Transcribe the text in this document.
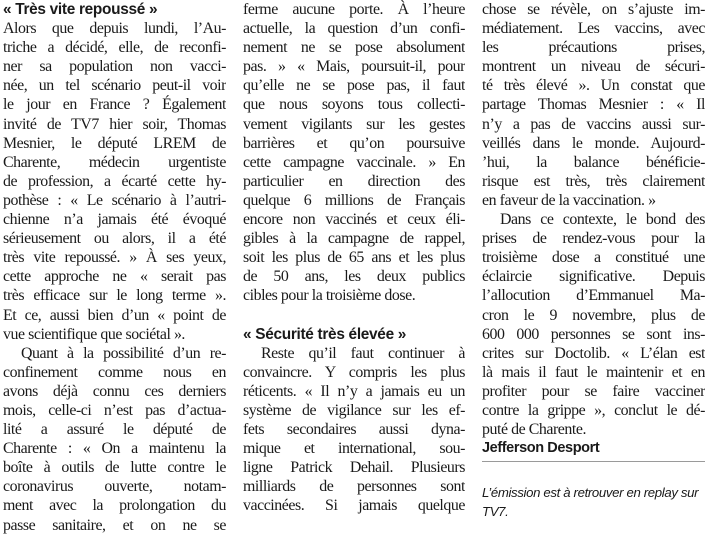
« Très vite repoussé »
Alors que depuis lundi, l’Au-
triche a décidé, elle, de reconfi-
ner sa population non vacci-
née, un tel scénario peut-il voir
le jour en France ? Également
invité de TV7 hier soir, Thomas
Mesnier, le député LREM de
Charente, médecin urgentiste
de profession, a écarté cette hy-
pothèse : « Le scénario à l’autri-
chienne n’a jamais été évoqué
sérieusement ou alors, il a été
très vite repoussé. » À ses yeux,
cette approche ne « serait pas
très efficace sur le long terme ».
Et ce, aussi bien d’un « point de
vue scientifique que sociétal ».
Quant à la possibilité d’un re-
confinement comme nous en
avons déjà connu ces derniers
mois, celle-ci n’est pas d’actua-
lité a assuré le député de
Charente : « On a maintenu la
boîte à outils de lutte contre le
coronavirus ouverte, notam-
ment avec la prolongation du
passe sanitaire, et on ne se
ferme aucune porte. À l’heure
actuelle, la question d’un confi-
nement ne se pose absolument
pas. » « Mais, poursuit-il, pour
qu’elle ne se pose pas, il faut
que nous soyons tous collecti-
vement vigilants sur les gestes
barrières et qu’on poursuive
cette campagne vaccinale. » En
particulier en direction des
quelque 6 millions de Français
encore non vaccinés et ceux éli-
gibles à la campagne de rappel,
soit les plus de 65 ans et les plus
de 50 ans, les deux publics
cibles pour la troisième dose.
« Sécurité très élevée »
Reste qu’il faut continuer à
convaincre. Y compris les plus
réticents. « Il n’y a jamais eu un
système de vigilance sur les ef-
fets secondaires aussi dyna-
mique et international, sou-
ligne Patrick Dehail. Plusieurs
milliards de personnes sont
vaccinées. Si jamais quelque
chose se révèle, on s’ajuste im-
médiatement. Les vaccins, avec
les précautions prises,
montrent un niveau de sécuri-
té très élevé ». Un constat que
partage Thomas Mesnier : « Il
n’y a pas de vaccins aussi sur-
veillés dans le monde. Aujourd-
’hui, la balance bénéficie-
risque est très, très clairement
en faveur de la vaccination. »
Dans ce contexte, le bond des
prises de rendez-vous pour la
troisième dose a constitué une
éclaircie significative. Depuis
l’allocution d’Emmanuel Ma-
cron le 9 novembre, plus de
600 000 personnes se sont ins-
crites sur Doctolib. « L’élan est
là mais il faut le maintenir et en
profiter pour se faire vacciner
contre la grippe », conclut le dé-
puté de Charente.
Jefferson Desport
L’émission est à retrouver en replay sur TV7.
